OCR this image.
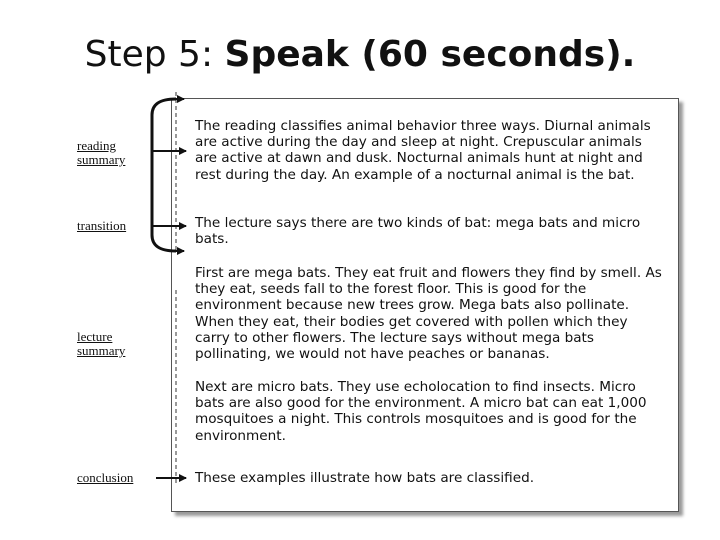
Step 5: Speak (60 seconds).
reading
summary
transition
lecture
summary
conclusion
The reading classifies animal behavior three ways. Diurnal animals are active during the day and sleep at night. Crepuscular animals are active at dawn and dusk. Nocturnal animals hunt at night and rest during the day. An example of a nocturnal animal is the bat.
The lecture says there are two kinds of bat: mega bats and micro bats.
First are mega bats. They eat fruit and flowers they find by smell. As they eat, seeds fall to the forest floor. This is good for the environment because new trees grow. Mega bats also pollinate. When they eat, their bodies get covered with pollen which they carry to other flowers. The lecture says without mega bats pollinating, we would not have peaches or bananas.
Next are micro bats. They use echolocation to find insects. Micro bats are also good for the environment. A micro bat can eat 1,000 mosquitoes a night. This controls mosquitoes and is good for the environment.
These examples illustrate how bats are classified.
